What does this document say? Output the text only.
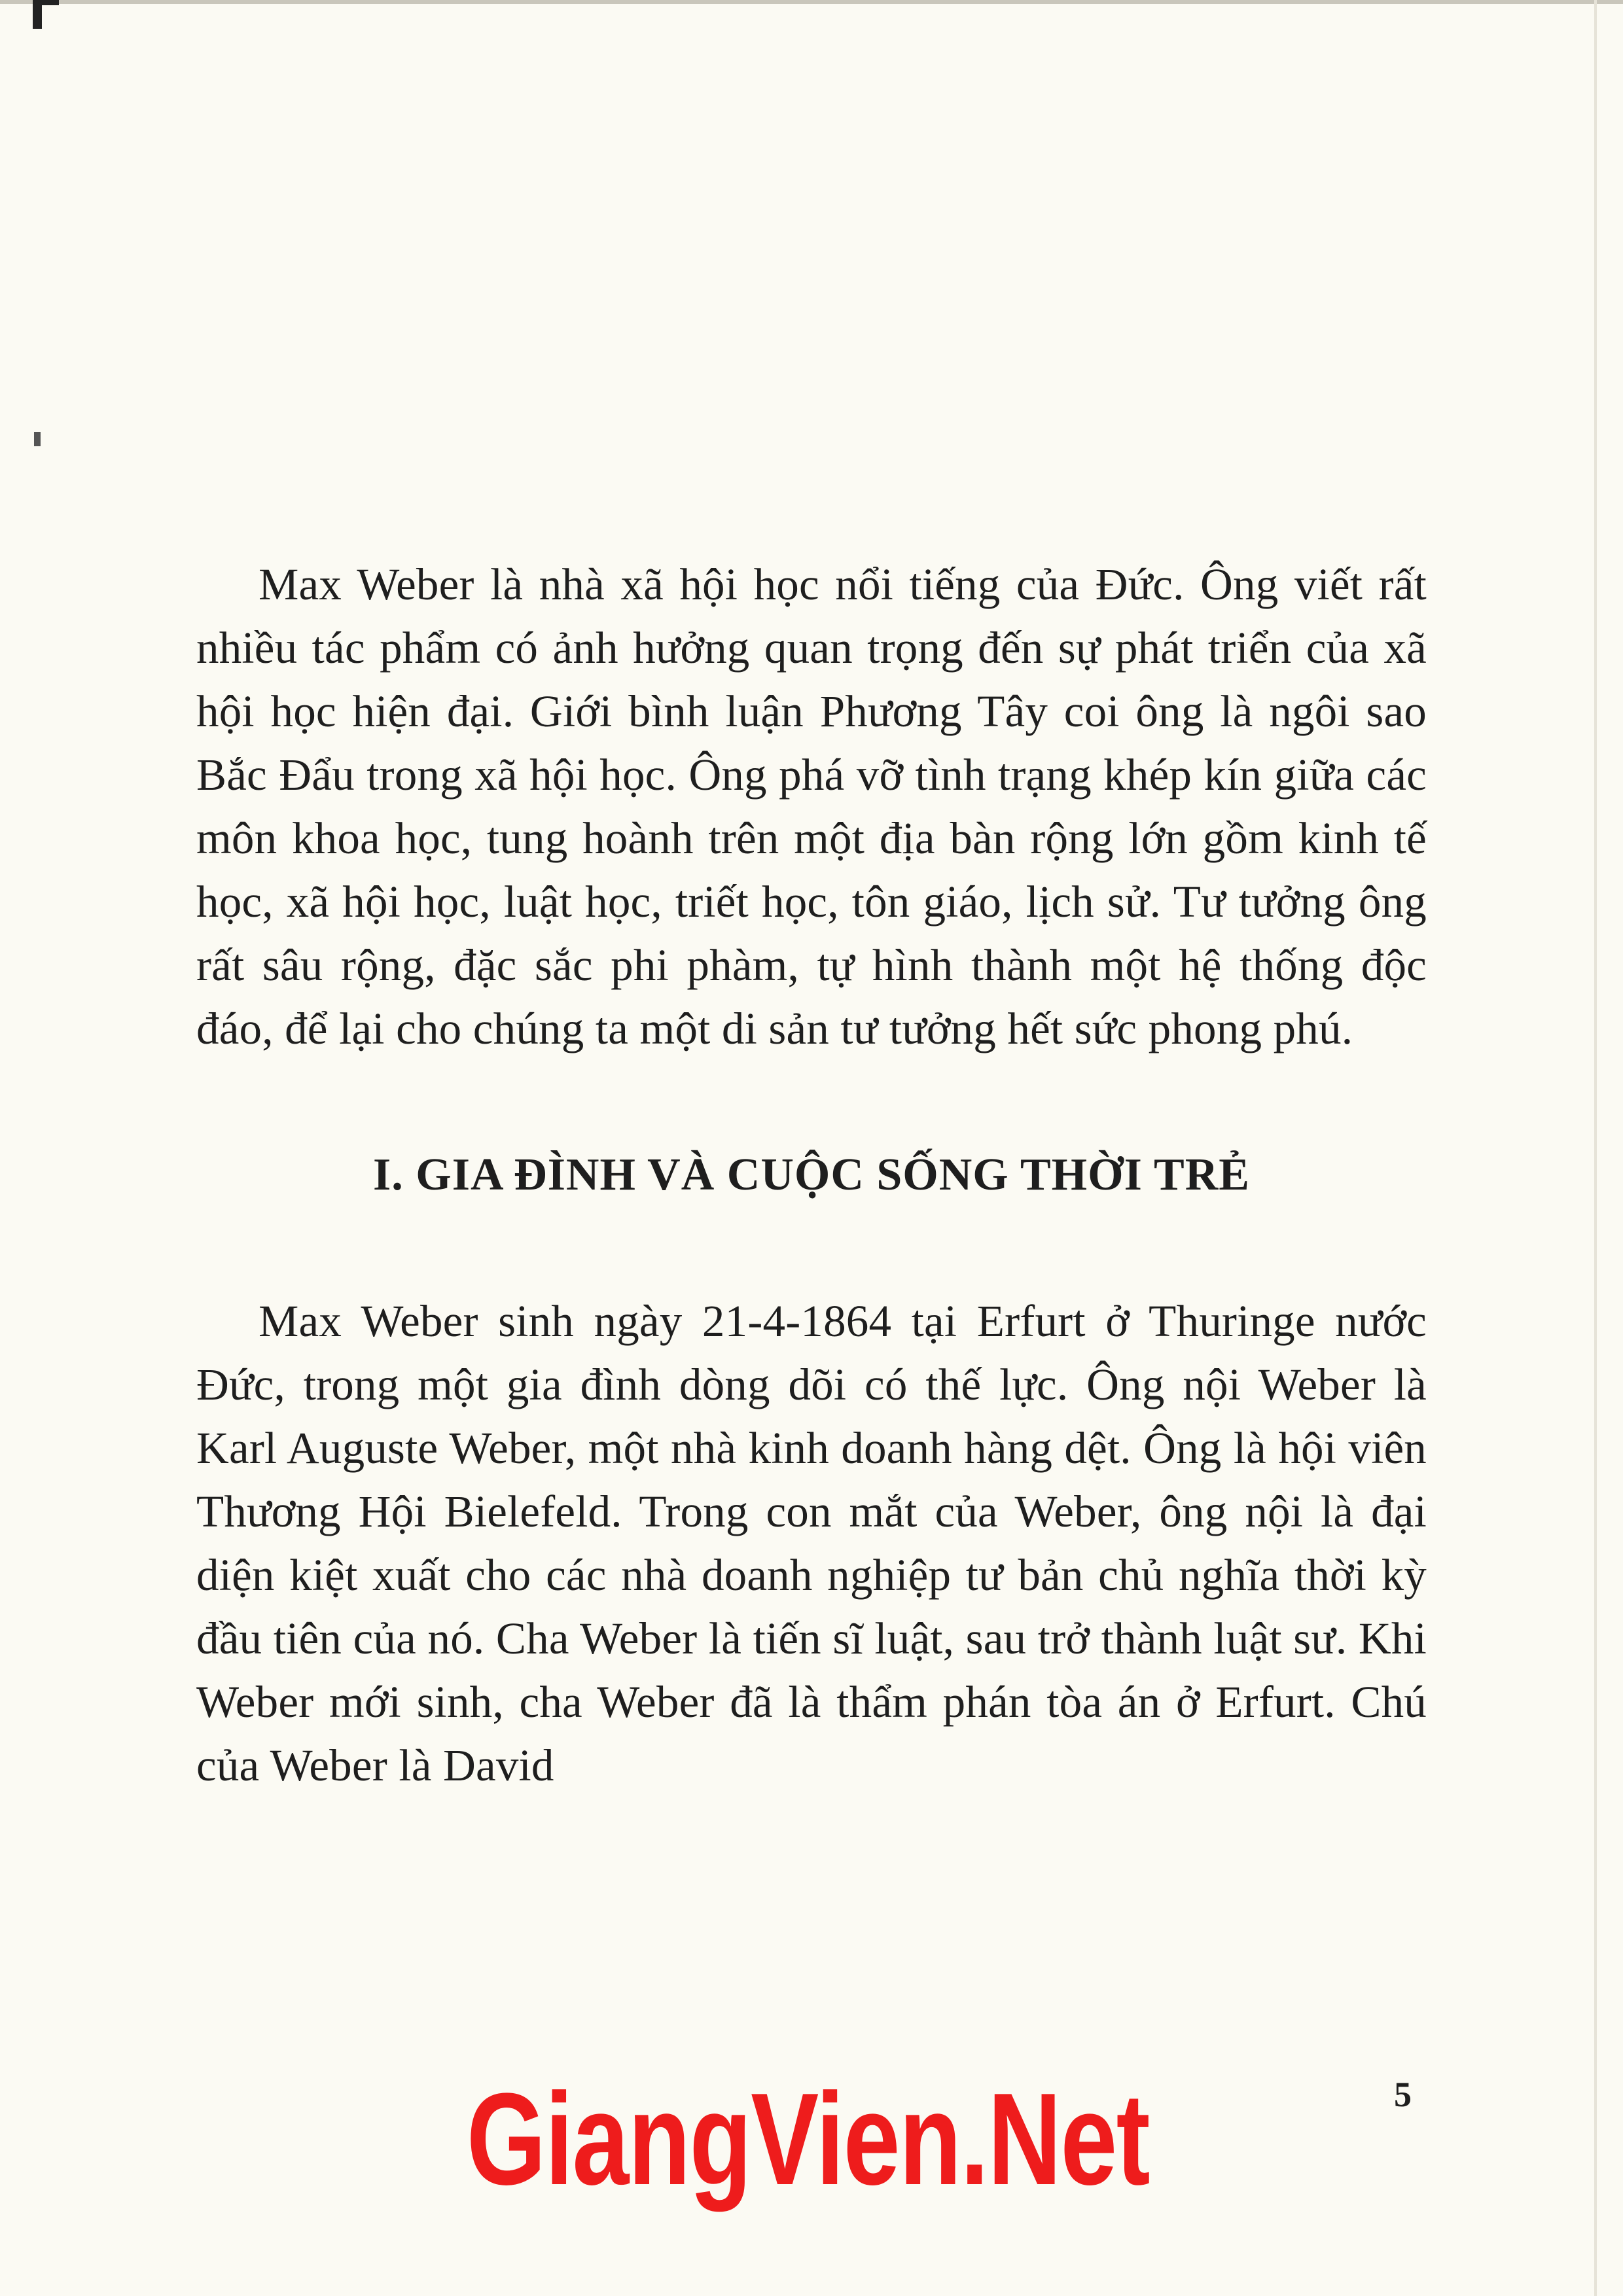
Max Weber là nhà xã hội học nổi tiếng của Đức. Ông viết rất nhiều tác phẩm có ảnh hưởng quan trọng đến sự phát triển của xã hội học hiện đại. Giới bình luận Phương Tây coi ông là ngôi sao Bắc Đẩu trong xã hội học. Ông phá vỡ tình trạng khép kín giữa các môn khoa học, tung hoành trên một địa bàn rộng lớn gồm kinh tế học, xã hội học, luật học, triết học, tôn giáo, lịch sử. Tư tưởng ông rất sâu rộng, đặc sắc phi phàm, tự hình thành một hệ thống độc đáo, để lại cho chúng ta một di sản tư tưởng hết sức phong phú.

I. GIA ĐÌNH VÀ CUỘC SỐNG THỜI TRẺ

Max Weber sinh ngày 21-4-1864 tại Erfurt ở Thuringe nước Đức, trong một gia đình dòng dõi có thế lực. Ông nội Weber là Karl Auguste Weber, một nhà kinh doanh hàng dệt. Ông là hội viên Thương Hội Bielefeld. Trong con mắt của Weber, ông nội là đại diện kiệt xuất cho các nhà doanh nghiệp tư bản chủ nghĩa thời kỳ đầu tiên của nó. Cha Weber là tiến sĩ luật, sau trở thành luật sư. Khi Weber mới sinh, cha Weber đã là thẩm phán tòa án ở Erfurt. Chú của Weber là David

5
GiangVien.Net
